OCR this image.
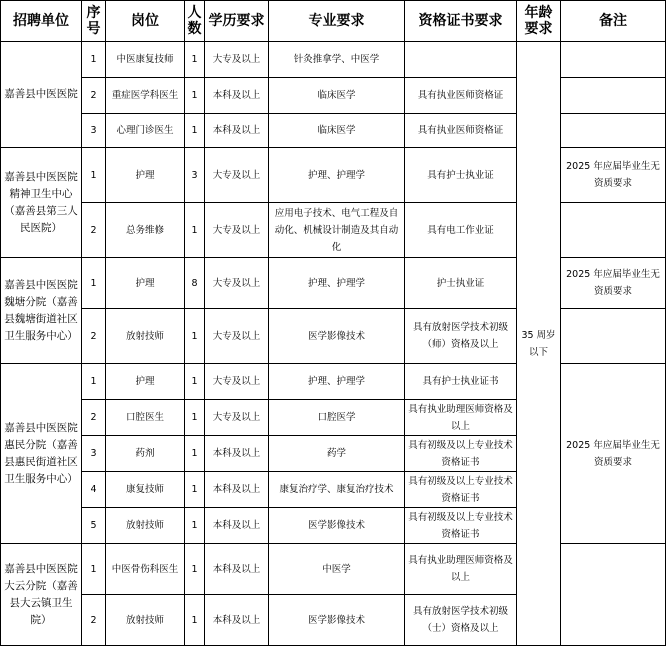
招聘单位	序号	岗位	人数	学历要求	专业要求	资格证书要求	年龄要求	备注
嘉善县中医医院	1	中医康复技师	1	大专及以上	针灸推拿学、中医学		35 周岁以下	
	2	重症医学科医生	1	本科及以上	临床医学	具有执业医师资格证		
	3	心理门诊医生	1	本科及以上	临床医学	具有执业医师资格证		
嘉善县中医医院精神卫生中心（嘉善县第三人民医院）	1	护理	3	大专及以上	护理、护理学	具有护士执业证		2025 年应届毕业生无资质要求
	2	总务维修	1	大专及以上	应用电子技术、电气工程及自动化、机械设计制造及其自动化	具有电工作业证		
嘉善县中医医院魏塘分院（嘉善县魏塘街道社区卫生服务中心）	1	护理	8	大专及以上	护理、护理学	护士执业证		2025 年应届毕业生无资质要求
	2	放射技师	1	大专及以上	医学影像技术	具有放射医学技术初级（师）资格及以上		
嘉善县中医医院惠民分院（嘉善县惠民街道社区卫生服务中心）	1	护理	1	大专及以上	护理、护理学	具有护士执业证书		2025 年应届毕业生无资质要求
	2	口腔医生	1	大专及以上	口腔医学	具有执业助理医师资格及以上		
	3	药剂	1	本科及以上	药学	具有初级及以上专业技术资格证书		
	4	康复技师	1	本科及以上	康复治疗学、康复治疗技术	具有初级及以上专业技术资格证书		
	5	放射技师	1	本科及以上	医学影像技术	具有初级及以上专业技术资格证书		
嘉善县中医医院大云分院（嘉善县大云镇卫生院）	1	中医骨伤科医生	1	本科及以上	中医学	具有执业助理医师资格及以上		
	2	放射技师	1	本科及以上	医学影像技术	具有放射医学技术初级（士）资格及以上		
